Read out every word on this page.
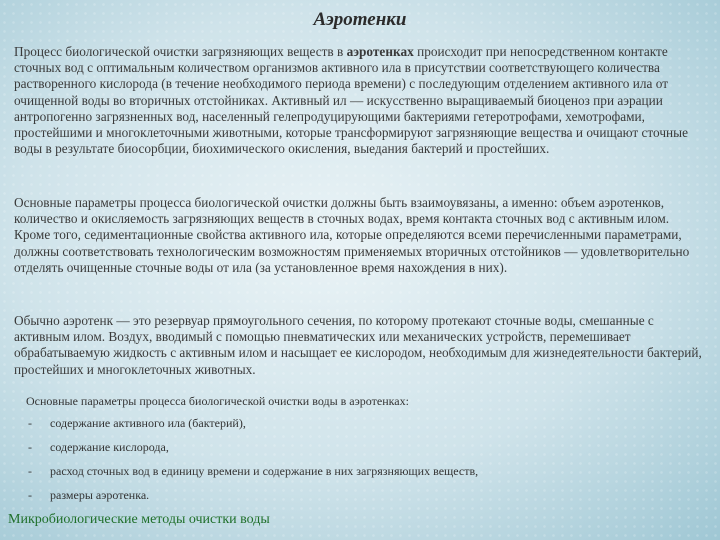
Аэротенки
Процесс биологической очистки загрязняющих веществ в аэротенках происходит при непосредственном контакте сточных вод с оптимальным количеством организмов активного ила в присутствии соответствующего количества растворенного кислорода (в течение необходимого периода времени) с последующим отделением активного ила от очищенной воды во вторичных отстойниках. Активный ил — искусственно выращиваемый биоценоз при аэрации антропогенно загрязненных вод, населенный гелепродуцирующими бактериями гетеротрофами, хемотрофами, простейшими и многоклеточными животными, которые трансформируют загрязняющие вещества и очищают сточные воды в результате биосорбции, биохимического окисления, выедания бактерий и простейших.
Основные параметры процесса биологической очистки должны быть взаимоувязаны, а именно: объем аэротенков, количество и окисляемость загрязняющих веществ в сточных водах, время контакта сточных вод с активным илом. Кроме того, седиментационные свойства активного ила, которые определяются всеми перечисленными параметрами, должны соответствовать технологическим возможностям применяемых вторичных отстойников — удовлетворительно отделять очищенные сточные воды от ила (за установленное время нахождения в них).
Обычно аэротенк — это резервуар прямоугольного сечения, по которому протекают сточные воды, смешанные с активным илом. Воздух, вводимый с помощью пневматических или механических устройств, перемешивает обрабатываемую жидкость с активным илом и насыщает ее кислородом, необходимым для жизнедеятельности бактерий, простейших и многоклеточных животных.
Основные параметры процесса биологической очистки воды в аэротенках:
-	содержание активного ила (бактерий),
-	содержание кислорода,
-	расход сточных вод в единицу времени и содержание в них загрязняющих веществ,
-	размеры аэротенка.
Микробиологические методы очистки воды
